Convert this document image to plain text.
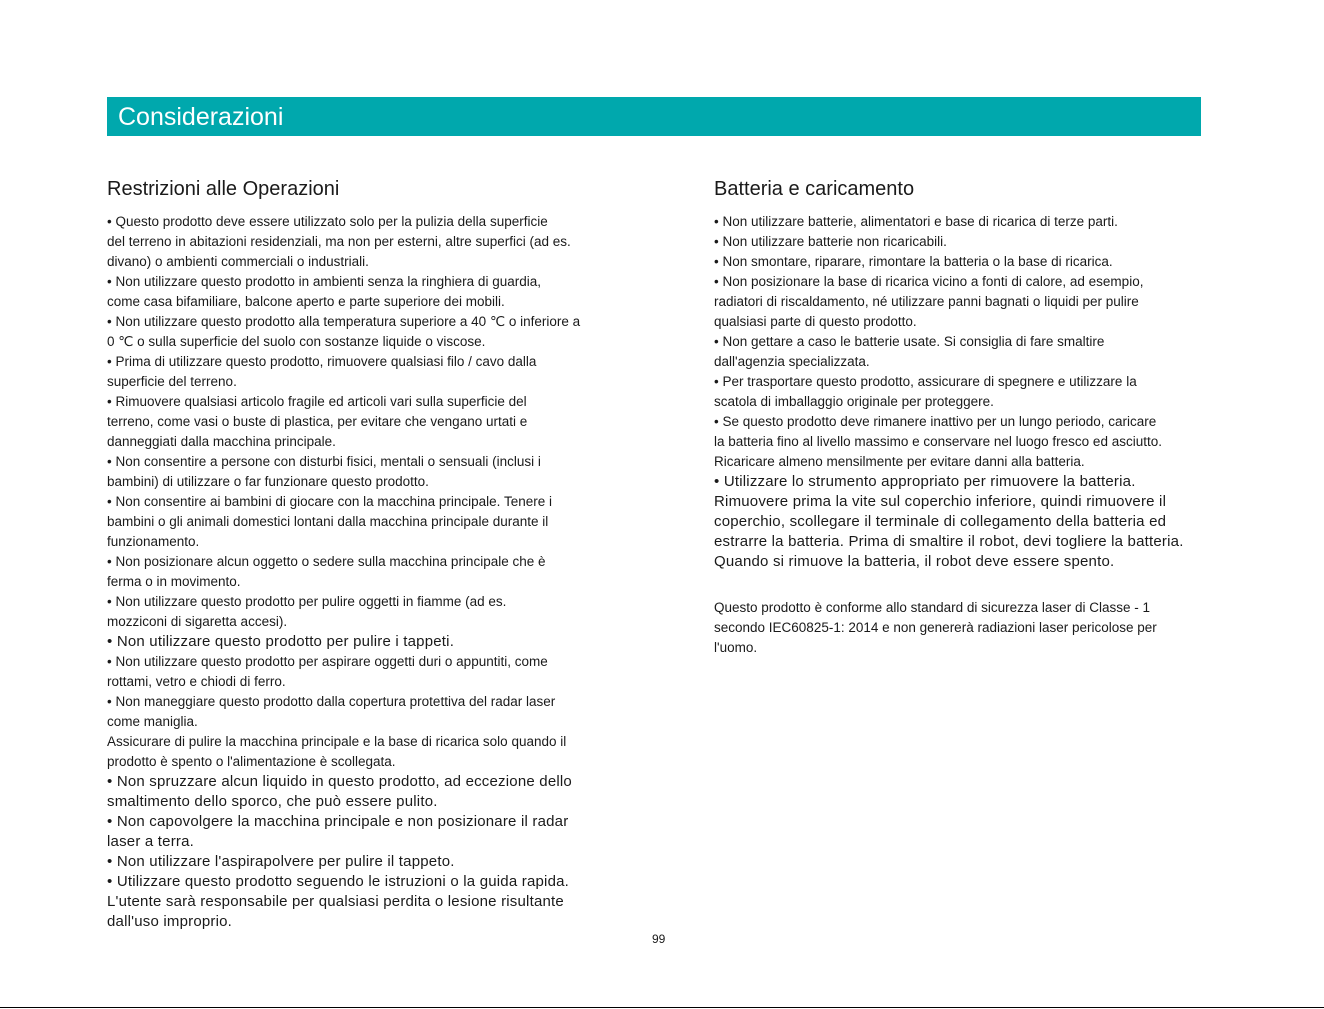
Considerazioni
Restrizioni alle Operazioni	Batteria e caricamento
• Questo prodotto deve essere utilizzato solo per la pulizia della superficie
del terreno in abitazioni residenziali, ma non per esterni, altre superfici (ad es.
divano) o ambienti commerciali o industriali.
• Non utilizzare questo prodotto in ambienti senza la ringhiera di guardia,
come casa bifamiliare, balcone aperto e parte superiore dei mobili.
• Non utilizzare questo prodotto alla temperatura superiore a 40 ℃ o inferiore a
0 ℃ o sulla superficie del suolo con sostanze liquide o viscose.
• Prima di utilizzare questo prodotto, rimuovere qualsiasi filo / cavo dalla
superficie del terreno.
• Rimuovere qualsiasi articolo fragile ed articoli vari sulla superficie del
terreno, come vasi o buste di plastica, per evitare che vengano urtati e
danneggiati dalla macchina principale.
• Non consentire a persone con disturbi fisici, mentali o sensuali (inclusi i
bambini) di utilizzare o far funzionare questo prodotto.
• Non consentire ai bambini di giocare con la macchina principale. Tenere i
bambini o gli animali domestici lontani dalla macchina principale durante il
funzionamento.
• Non posizionare alcun oggetto o sedere sulla macchina principale che è
ferma o in movimento.
• Non utilizzare questo prodotto per pulire oggetti in fiamme (ad es.
mozziconi di sigaretta accesi).
• Non utilizzare questo prodotto per pulire i tappeti.
• Non utilizzare questo prodotto per aspirare oggetti duri o appuntiti, come
rottami, vetro e chiodi di ferro.
• Non maneggiare questo prodotto dalla copertura protettiva del radar laser
come maniglia.
Assicurare di pulire la macchina principale e la base di ricarica solo quando il
prodotto è spento o l'alimentazione è scollegata.
• Non spruzzare alcun liquido in questo prodotto, ad eccezione dello
smaltimento dello sporco, che può essere pulito.
• Non capovolgere la macchina principale e non posizionare il radar
laser a terra.
• Non utilizzare l'aspirapolvere per pulire il tappeto.
• Utilizzare questo prodotto seguendo le istruzioni o la guida rapida.
L'utente sarà responsabile per qualsiasi perdita o lesione risultante
dall'uso improprio.
• Non utilizzare batterie, alimentatori e base di ricarica di terze parti.
• Non utilizzare batterie non ricaricabili.
• Non smontare, riparare, rimontare la batteria o la base di ricarica.
• Non posizionare la base di ricarica vicino a fonti di calore, ad esempio,
radiatori di riscaldamento, né utilizzare panni bagnati o liquidi per pulire
qualsiasi parte di questo prodotto.
• Non gettare a caso le batterie usate. Si consiglia di fare smaltire
dall'agenzia specializzata.
• Per trasportare questo prodotto, assicurare di spegnere e utilizzare la
scatola di imballaggio originale per proteggere.
• Se questo prodotto deve rimanere inattivo per un lungo periodo, caricare
la batteria fino al livello massimo e conservare nel luogo fresco ed asciutto.
Ricaricare almeno mensilmente per evitare danni alla batteria.
• Utilizzare lo strumento appropriato per rimuovere la batteria.
Rimuovere prima la vite sul coperchio inferiore, quindi rimuovere il
coperchio, scollegare il terminale di collegamento della batteria ed
estrarre la batteria. Prima di smaltire il robot, devi togliere la batteria.
Quando si rimuove la batteria, il robot deve essere spento.
Questo prodotto è conforme allo standard di sicurezza laser di Classe - 1
secondo IEC60825-1: 2014 e non genererà radiazioni laser pericolose per
l'uomo.
99
